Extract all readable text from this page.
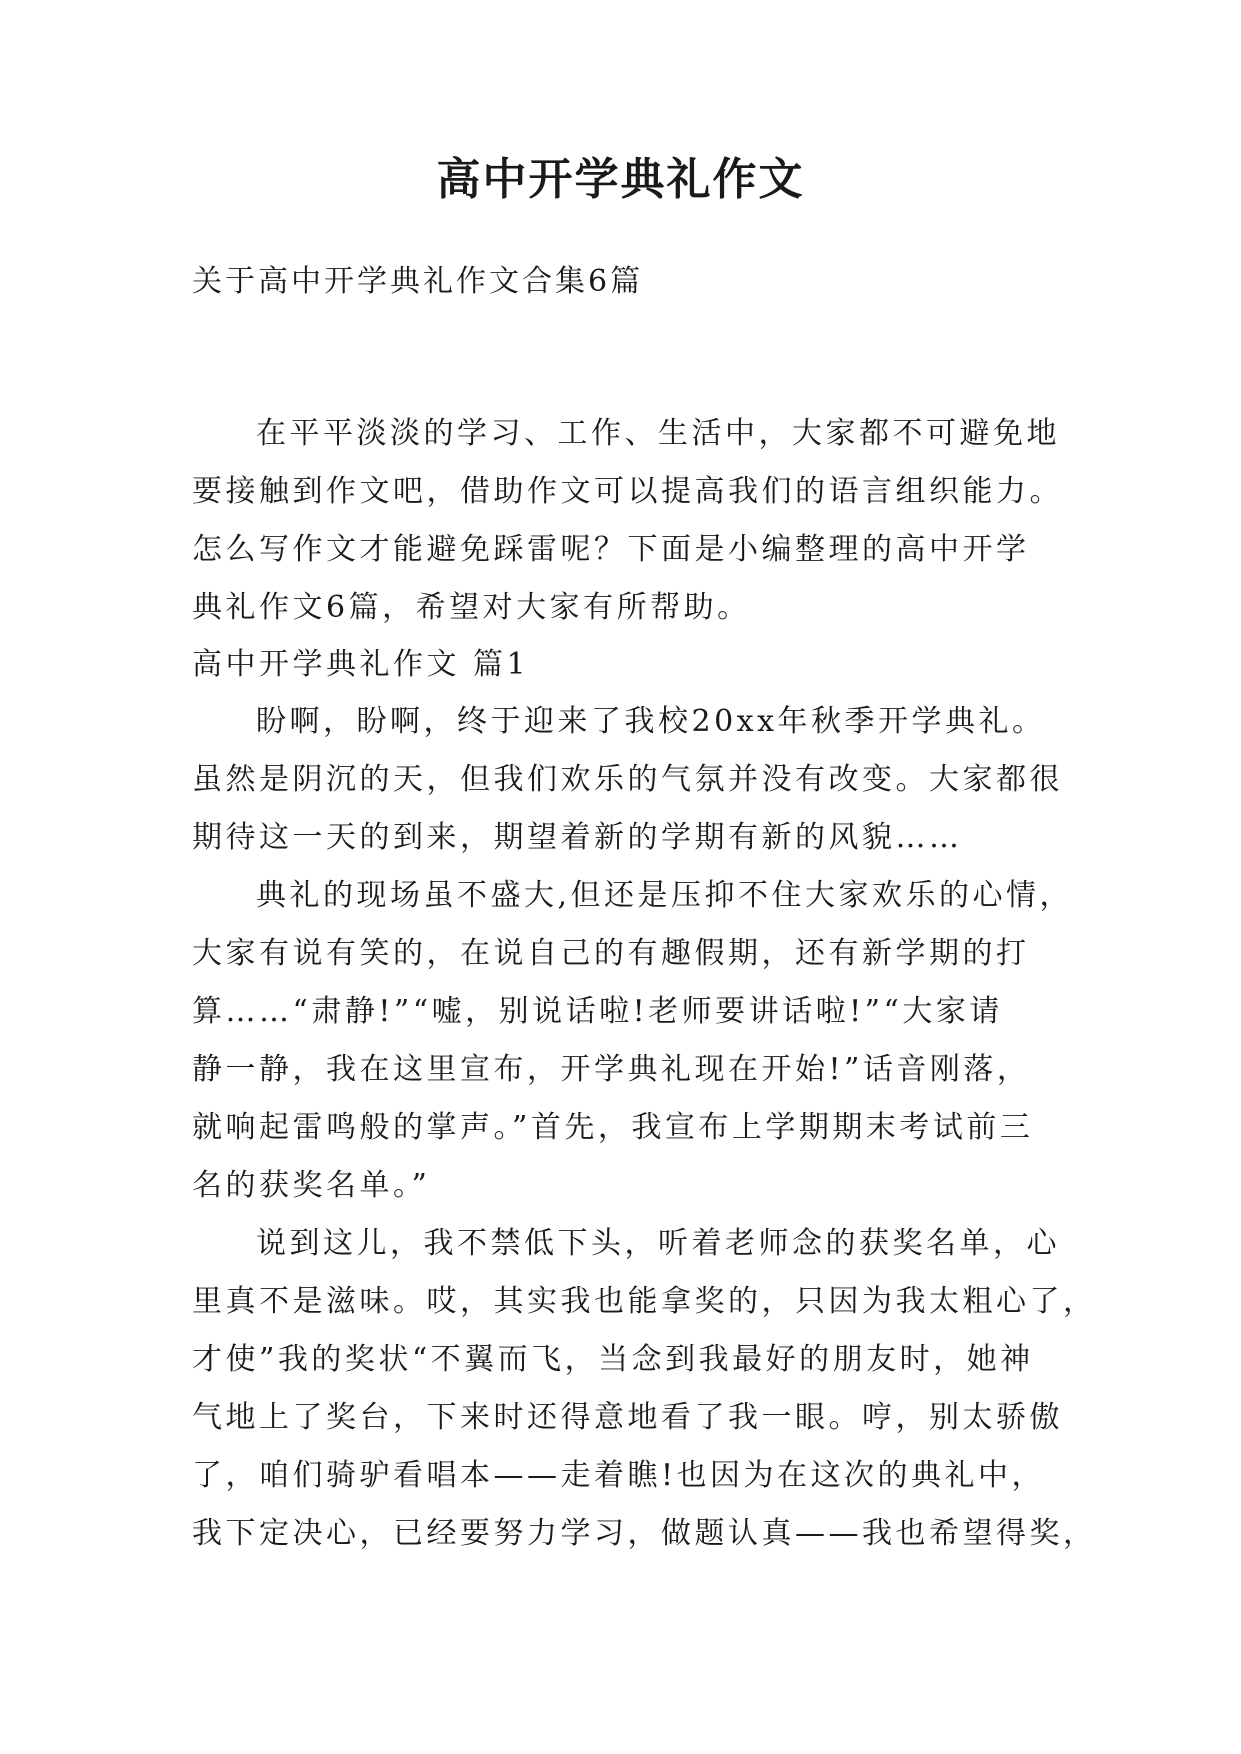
高中开学典礼作文

关于高中开学典礼作文合集6篇

在平平淡淡的学习、工作、生活中，大家都不可避免地
要接触到作文吧，借助作文可以提高我们的语言组织能力。
怎么写作文才能避免踩雷呢？下面是小编整理的高中开学
典礼作文6篇，希望对大家有所帮助。
高中开学典礼作文 篇1
盼啊，盼啊，终于迎来了我校20xx年秋季开学典礼。
虽然是阴沉的天，但我们欢乐的气氛并没有改变。大家都很
期待这一天的到来，期望着新的学期有新的风貌……
典礼的现场虽不盛大,但还是压抑不住大家欢乐的心情，
大家有说有笑的，在说自己的有趣假期，还有新学期的打
算……“肃静!”“嘘，别说话啦!老师要讲话啦!”“大家请
静一静，我在这里宣布，开学典礼现在开始!”话音刚落，
就响起雷鸣般的掌声。”首先，我宣布上学期期末考试前三
名的获奖名单。”
说到这儿，我不禁低下头，听着老师念的获奖名单，心
里真不是滋味。哎，其实我也能拿奖的，只因为我太粗心了，
才使”我的奖状“不翼而飞，当念到我最好的朋友时，她神
气地上了奖台，下来时还得意地看了我一眼。哼，别太骄傲
了，咱们骑驴看唱本——走着瞧!也因为在这次的典礼中，
我下定决心，已经要努力学习，做题认真——我也希望得奖，
